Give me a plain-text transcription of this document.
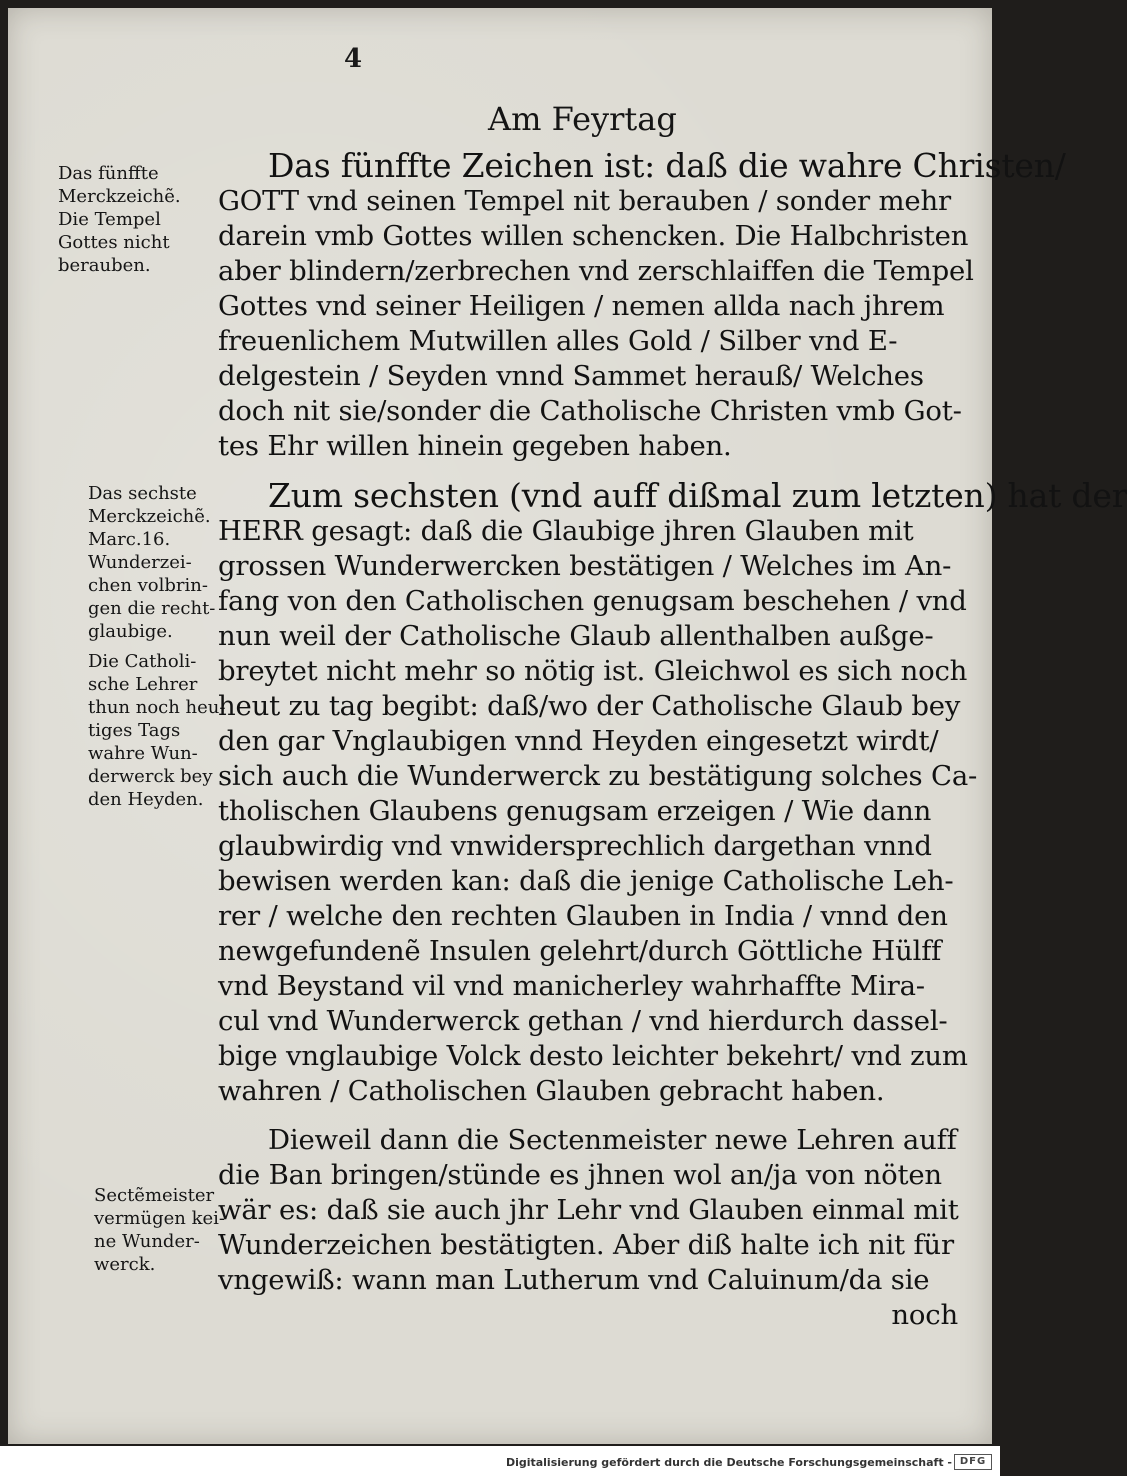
4
Am Feyrtag
Das fünffte
Merckzeichẽ.
Die Tempel
Gottes nicht
berauben.
Das sechste
Merckzeichẽ.
Marc.16.
Wunderzei-
chen volbrin-
gen die recht-
glaubige.
Die Catholi-
sche Lehrer
thun noch heu-
tiges Tags
wahre Wun-
derwerck bey
den Heyden.
Sectẽmeister
vermügen kei-
ne Wunder-
werck.
Das fünffte Zeichen ist: daß die wahre Christen/
GOTT vnd seinen Tempel nit berauben / sonder mehr
darein vmb Gottes willen schencken. Die Halbchristen
aber blindern/zerbrechen vnd zerschlaiffen die Tempel
Gottes vnd seiner Heiligen / nemen allda nach jhrem
freuenlichem Mutwillen alles Gold / Silber vnd E-
delgestein / Seyden vnnd Sammet herauß/ Welches
doch nit sie/sonder die Catholische Christen vmb Got-
tes Ehr willen hinein gegeben haben.
Zum sechsten (vnd auff dißmal zum letzten) hat der
HERR gesagt: daß die Glaubige jhren Glauben mit
grossen Wunderwercken bestätigen / Welches im An-
fang von den Catholischen genugsam beschehen / vnd
nun weil der Catholische Glaub allenthalben außge-
breytet nicht mehr so nötig ist. Gleichwol es sich noch
heut zu tag begibt: daß/wo der Catholische Glaub bey
den gar Vnglaubigen vnnd Heyden eingesetzt wirdt/
sich auch die Wunderwerck zu bestätigung solches Ca-
tholischen Glaubens genugsam erzeigen / Wie dann
glaubwirdig vnd vnwidersprechlich dargethan vnnd
bewisen werden kan: daß die jenige Catholische Leh-
rer / welche den rechten Glauben in India / vnnd den
newgefundenẽ Insulen gelehrt/durch Göttliche Hülff
vnd Beystand vil vnd manicherley wahrhaffte Mira-
cul vnd Wunderwerck gethan / vnd hierdurch dassel-
bige vnglaubige Volck desto leichter bekehrt/ vnd zum
wahren / Catholischen Glauben gebracht haben.
Dieweil dann die Sectenmeister newe Lehren auff
die Ban bringen/stünde es jhnen wol an/ja von nöten
wär es: daß sie auch jhr Lehr vnd Glauben einmal mit
Wunderzeichen bestätigten. Aber diß halte ich nit für
vngewiß: wann man Lutherum vnd Caluinum/da sie
noch
Digitalisierung gefördert durch die Deutsche Forschungsgemeinschaft - DFG
